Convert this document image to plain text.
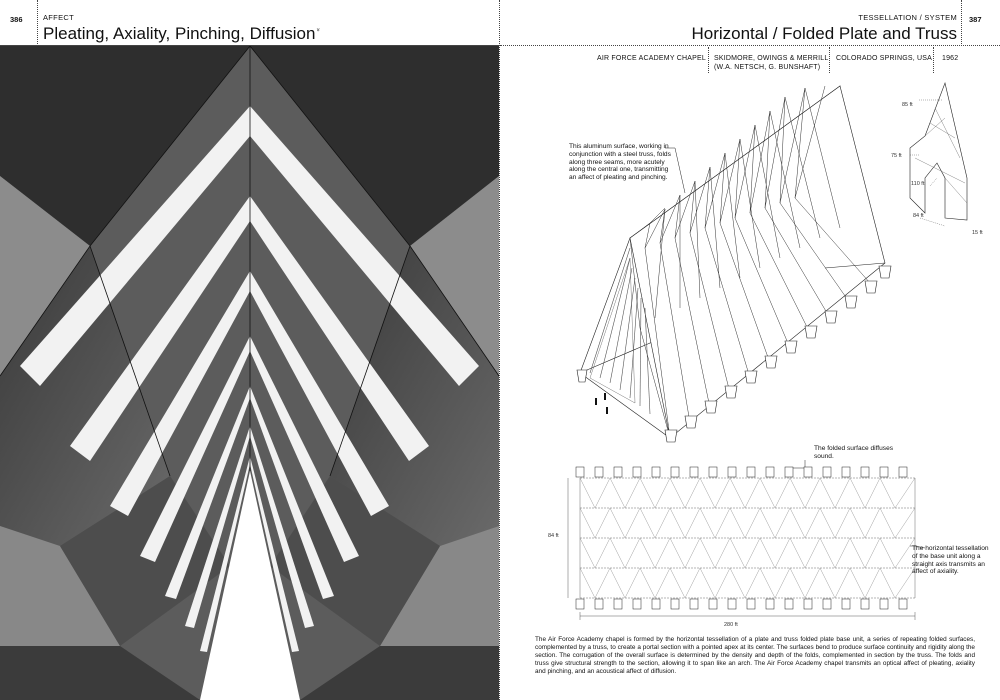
386	AFFECT
Pleating, Axiality, Pinching, Diffusion⍤
TESSELLATION / SYSTEM
Horizontal / Folded Plate and Truss
387
AIR FORCE ACADEMY CHAPEL SKIDMORE, OWINGS & MERRILL
(W.A. NETSCH, G. BUNSHAFT)
COLORADO SPRINGS, USA 1962
85 ft
75 ft
110 ft
84 ft
15 ft
This aluminum surface, working in conjunction with a steel truss, folds along three seams, more acutely along the central one, transmitting an affect of pleating and pinching.
84 ft
280 ft
The folded surface diffuses sound.
The horizontal tessellation of the base unit along a straight axis transmits an affect of axiality.
The Air Force Academy chapel is formed by the horizontal tessellation of a plate and truss folded plate base unit, a series of repeating folded surfaces, complemented by a truss, to create a portal section with a pointed apex at its center. The surfaces bend to produce surface continuity and rigidity along the section. The corrugation of the overall surface is determined by the density and depth of the folds, complemented in section by the truss. The folds and truss give structural strength to the section, allowing it to span like an arch. The Air Force Academy chapel transmits an optical affect of pleating, axiality and pinching, and an acoustical affect of diffusion.
